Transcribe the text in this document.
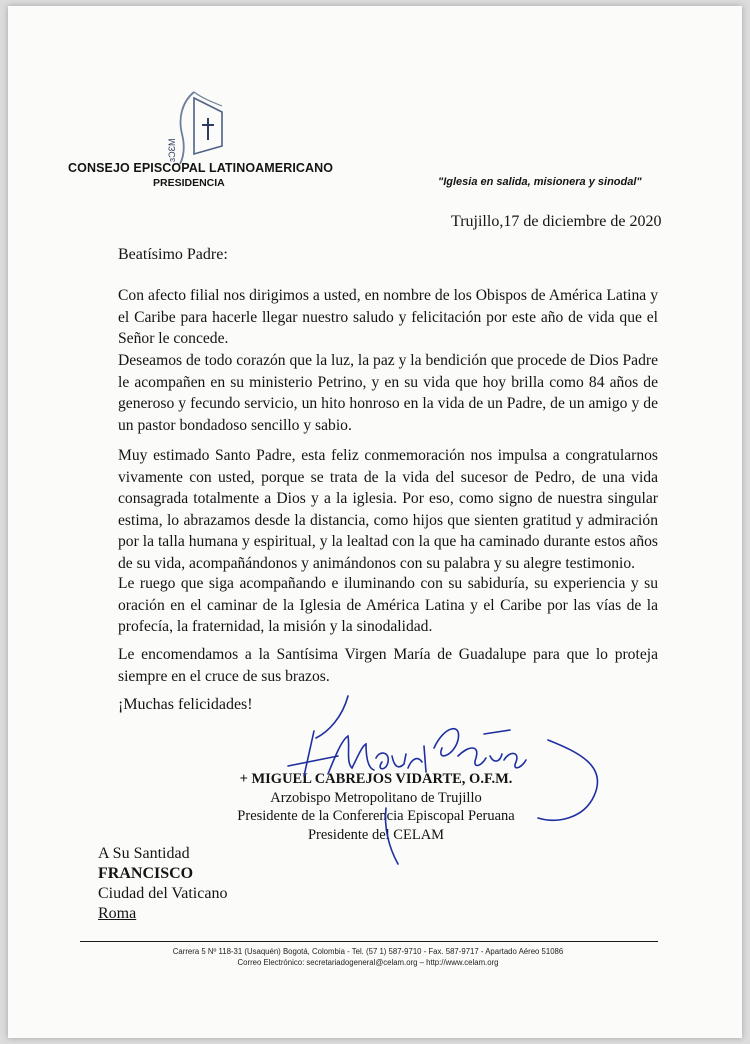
ɜƆƐM
CONSEJO EPISCOPAL LATINOAMERICANO
PRESIDENCIA	"Iglesia en salida, misionera y sinodal"
Trujillo,17 de diciembre de 2020
Beatísimo Padre:

Con afecto filial nos dirigimos a usted, en nombre de los Obispos de América Latina y el Caribe para hacerle llegar nuestro saludo y felicitación por este año de vida que el Señor le concede.

Deseamos de todo corazón que la luz, la paz y la bendición que procede de Dios Padre le acompañen en su ministerio Petrino, y en su vida que hoy brilla como 84 años de generoso y fecundo servicio, un hito honroso en la vida de un Padre, de un amigo y de un pastor bondadoso sencillo y sabio.

Muy estimado Santo Padre, esta feliz conmemoración nos impulsa a congratularnos vivamente con usted, porque se trata de la vida del sucesor de Pedro, de una vida consagrada totalmente a Dios y a la iglesia. Por eso, como signo de nuestra singular estima, lo abrazamos desde la distancia, como hijos que sienten gratitud y admiración por la talla humana y espiritual, y la lealtad con la que ha caminado durante estos años de su vida, acompañándonos y animándonos con su palabra y su alegre testimonio.

Le ruego que siga acompañando e iluminando con su sabiduría, su experiencia y su oración en el caminar de la Iglesia de América Latina y el Caribe por las vías de la profecía, la fraternidad, la misión y la sinodalidad.

Le encomendamos a la Santísima Virgen María de Guadalupe para que lo proteja siempre en el cruce de sus brazos.

¡Muchas felicidades!
+ MIGUEL CABREJOS VIDARTE, O.F.M.
Arzobispo Metropolitano de Trujillo
Presidente de la Conferencia Episcopal Peruana
Presidente del CELAM
A Su Santidad
FRANCISCO
Ciudad del Vaticano
Roma
Carrera 5 Nº 118-31 (Usaquén) Bogotá, Colombia - Tel. (57 1) 587-9710 - Fax. 587-9717 - Apartado Aéreo 51086
Correo Electrónico: secretariadogeneral@celam.org – http://www.celam.org
